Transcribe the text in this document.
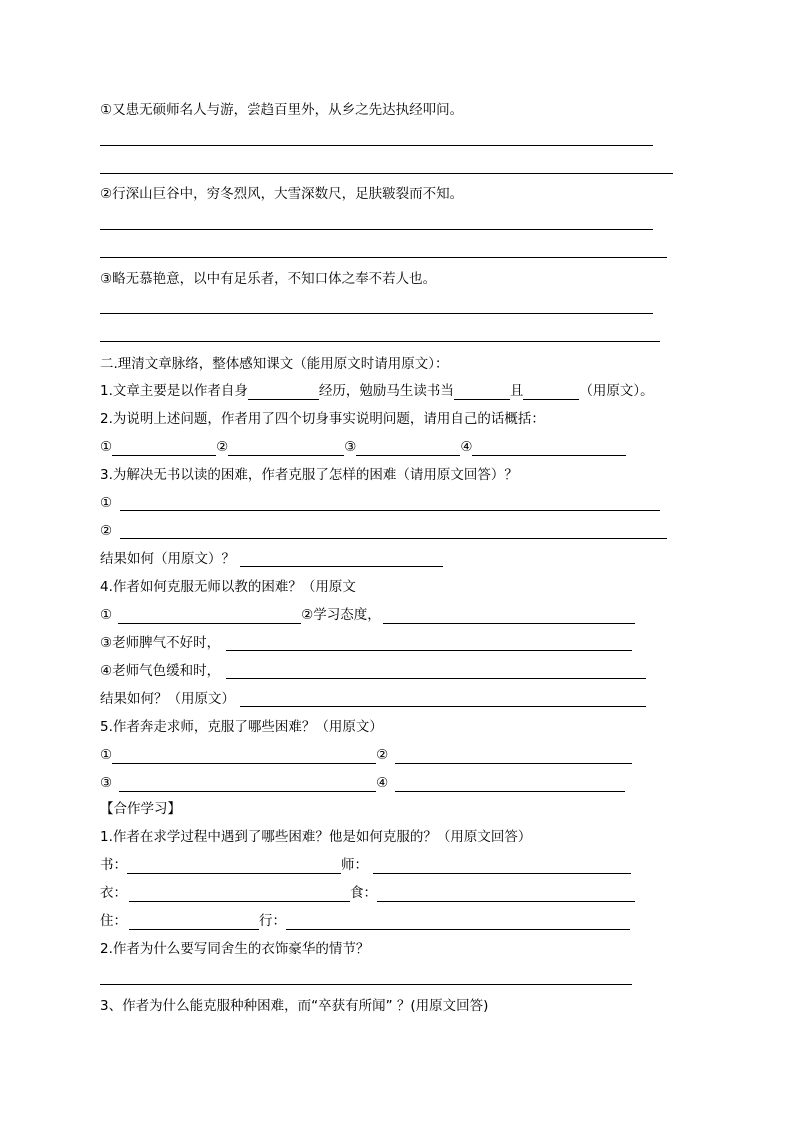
①又患无硕师名人与游，尝趋百里外，从乡之先达执经叩问。
②行深山巨谷中，穷冬烈风，大雪深数尺，足肤皲裂而不知。
③略无慕艳意，以中有足乐者，不知口体之奉不若人也。
二.理清文章脉络，整体感知课文（能用原文时请用原文）：
1.文章主要是以作者自身	经历，勉励马生读书当	且	（用原文）。
2.为说明上述问题，作者用了四个切身事实说明问题，请用自己的话概括：
①	②	③	④
3.为解决无书以读的困难，作者克服了怎样的困难（请用原文回答）？
①
②
结果如何（用原文）？
4.作者如何克服无师以教的困难？（用原文
①	②学习态度，
③老师脾气不好时，
④老师气色缓和时，
结果如何？（用原文）
5.作者奔走求师，克服了哪些困难？（用原文）
①	②
③	④
【合作学习】
1.作者在求学过程中遇到了哪些困难？他是如何克服的？（用原文回答）
书：	师：
衣：	食：
住：	行：
2.作者为什么要写同舍生的衣饰豪华的情节？
3、作者为什么能克服种种困难，而“卒获有所闻” ？(用原文回答)
